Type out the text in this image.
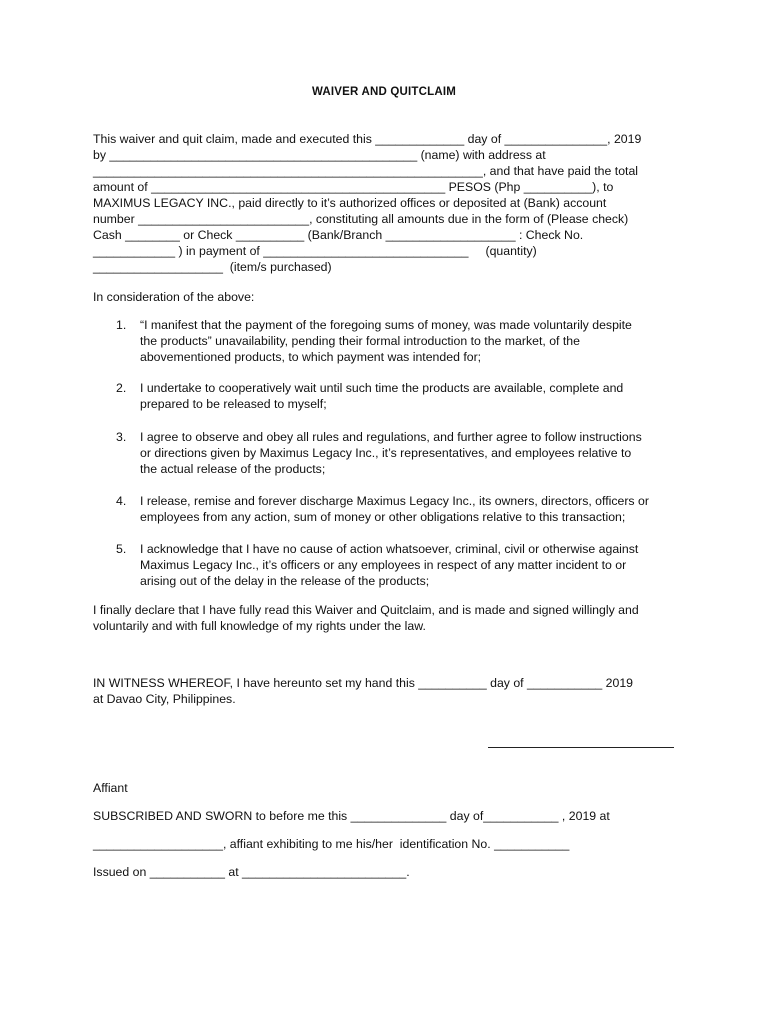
WAIVER AND QUITCLAIM
This waiver and quit claim, made and executed this _____________ day of _______________, 2019
by _____________________________________________ (name) with address at
_________________________________________________________, and that have paid the total
amount of ___________________________________________ PESOS (Php __________), to
MAXIMUS LEGACY INC., paid directly to it’s authorized offices or deposited at (Bank) account
number _________________________, constituting all amounts due in the form of (Please check)
Cash ________ or Check __________ (Bank/Branch ___________________ : Check No.
____________ ) in payment of ______________________________     (quantity)
___________________  (item/s purchased)
In consideration of the above:
1. “I manifest that the payment of the foregoing sums of money, was made voluntarily despite
the products” unavailability, pending their formal introduction to the market, of the
abovementioned products, to which payment was intended for;
2. I undertake to cooperatively wait until such time the products are available, complete and
prepared to be released to myself;
3. I agree to observe and obey all rules and regulations, and further agree to follow instructions
or directions given by Maximus Legacy Inc., it’s representatives, and employees relative to
the actual release of the products;
4. I release, remise and forever discharge Maximus Legacy Inc., its owners, directors, officers or
employees from any action, sum of money or other obligations relative to this transaction;
5. I acknowledge that I have no cause of action whatsoever, criminal, civil or otherwise against
Maximus Legacy Inc., it’s officers or any employees in respect of any matter incident to or
arising out of the delay in the release of the products;
I finally declare that I have fully read this Waiver and Quitclaim, and is made and signed willingly and
voluntarily and with full knowledge of my rights under the law.
IN WITNESS WHEREOF, I have hereunto set my hand this __________ day of ___________ 2019
at Davao City, Philippines.
Affiant
SUBSCRIBED AND SWORN to before me this ______________ day of___________ , 2019 at
___________________, affiant exhibiting to me his/her  identification No. ___________
Issued on ___________ at ________________________.
